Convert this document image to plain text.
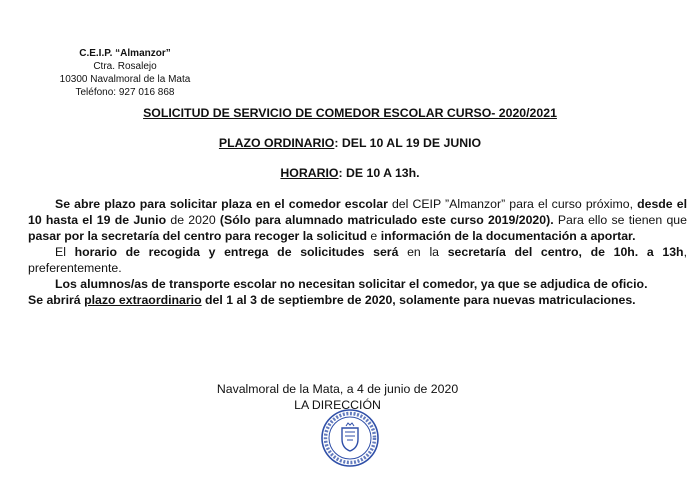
C.E.I.P. “Almanzor”
Ctra. Rosalejo
10300 Navalmoral de la Mata
Teléfono: 927 016 868
SOLICITUD DE SERVICIO DE COMEDOR ESCOLAR CURSO- 2020/2021
PLAZO ORDINARIO: DEL 10 AL 19 DE JUNIO
HORARIO: DE 10 A 13h.

Se abre plazo para solicitar plaza en el comedor escolar del CEIP ”Almanzor” para el curso próximo, desde el 10 hasta el 19 de Junio de 2020 (Sólo para alumnado matriculado este curso 2019/2020). Para ello se tienen que pasar por la secretaría del centro para recoger la solicitud e información de la documentación a aportar.

El horario de recogida y entrega de solicitudes será en la secretaría del centro, de 10h. a 13h, preferentemente.

Los alumnos/as de transporte escolar no necesitan solicitar el comedor, ya que se adjudica de oficio.

Se abrirá plazo extraordinario del 1 al 3 de septiembre de 2020, solamente para nuevas matriculaciones.

Navalmoral de la Mata, a 4 de junio de 2020
LA DIRECCIÓN
